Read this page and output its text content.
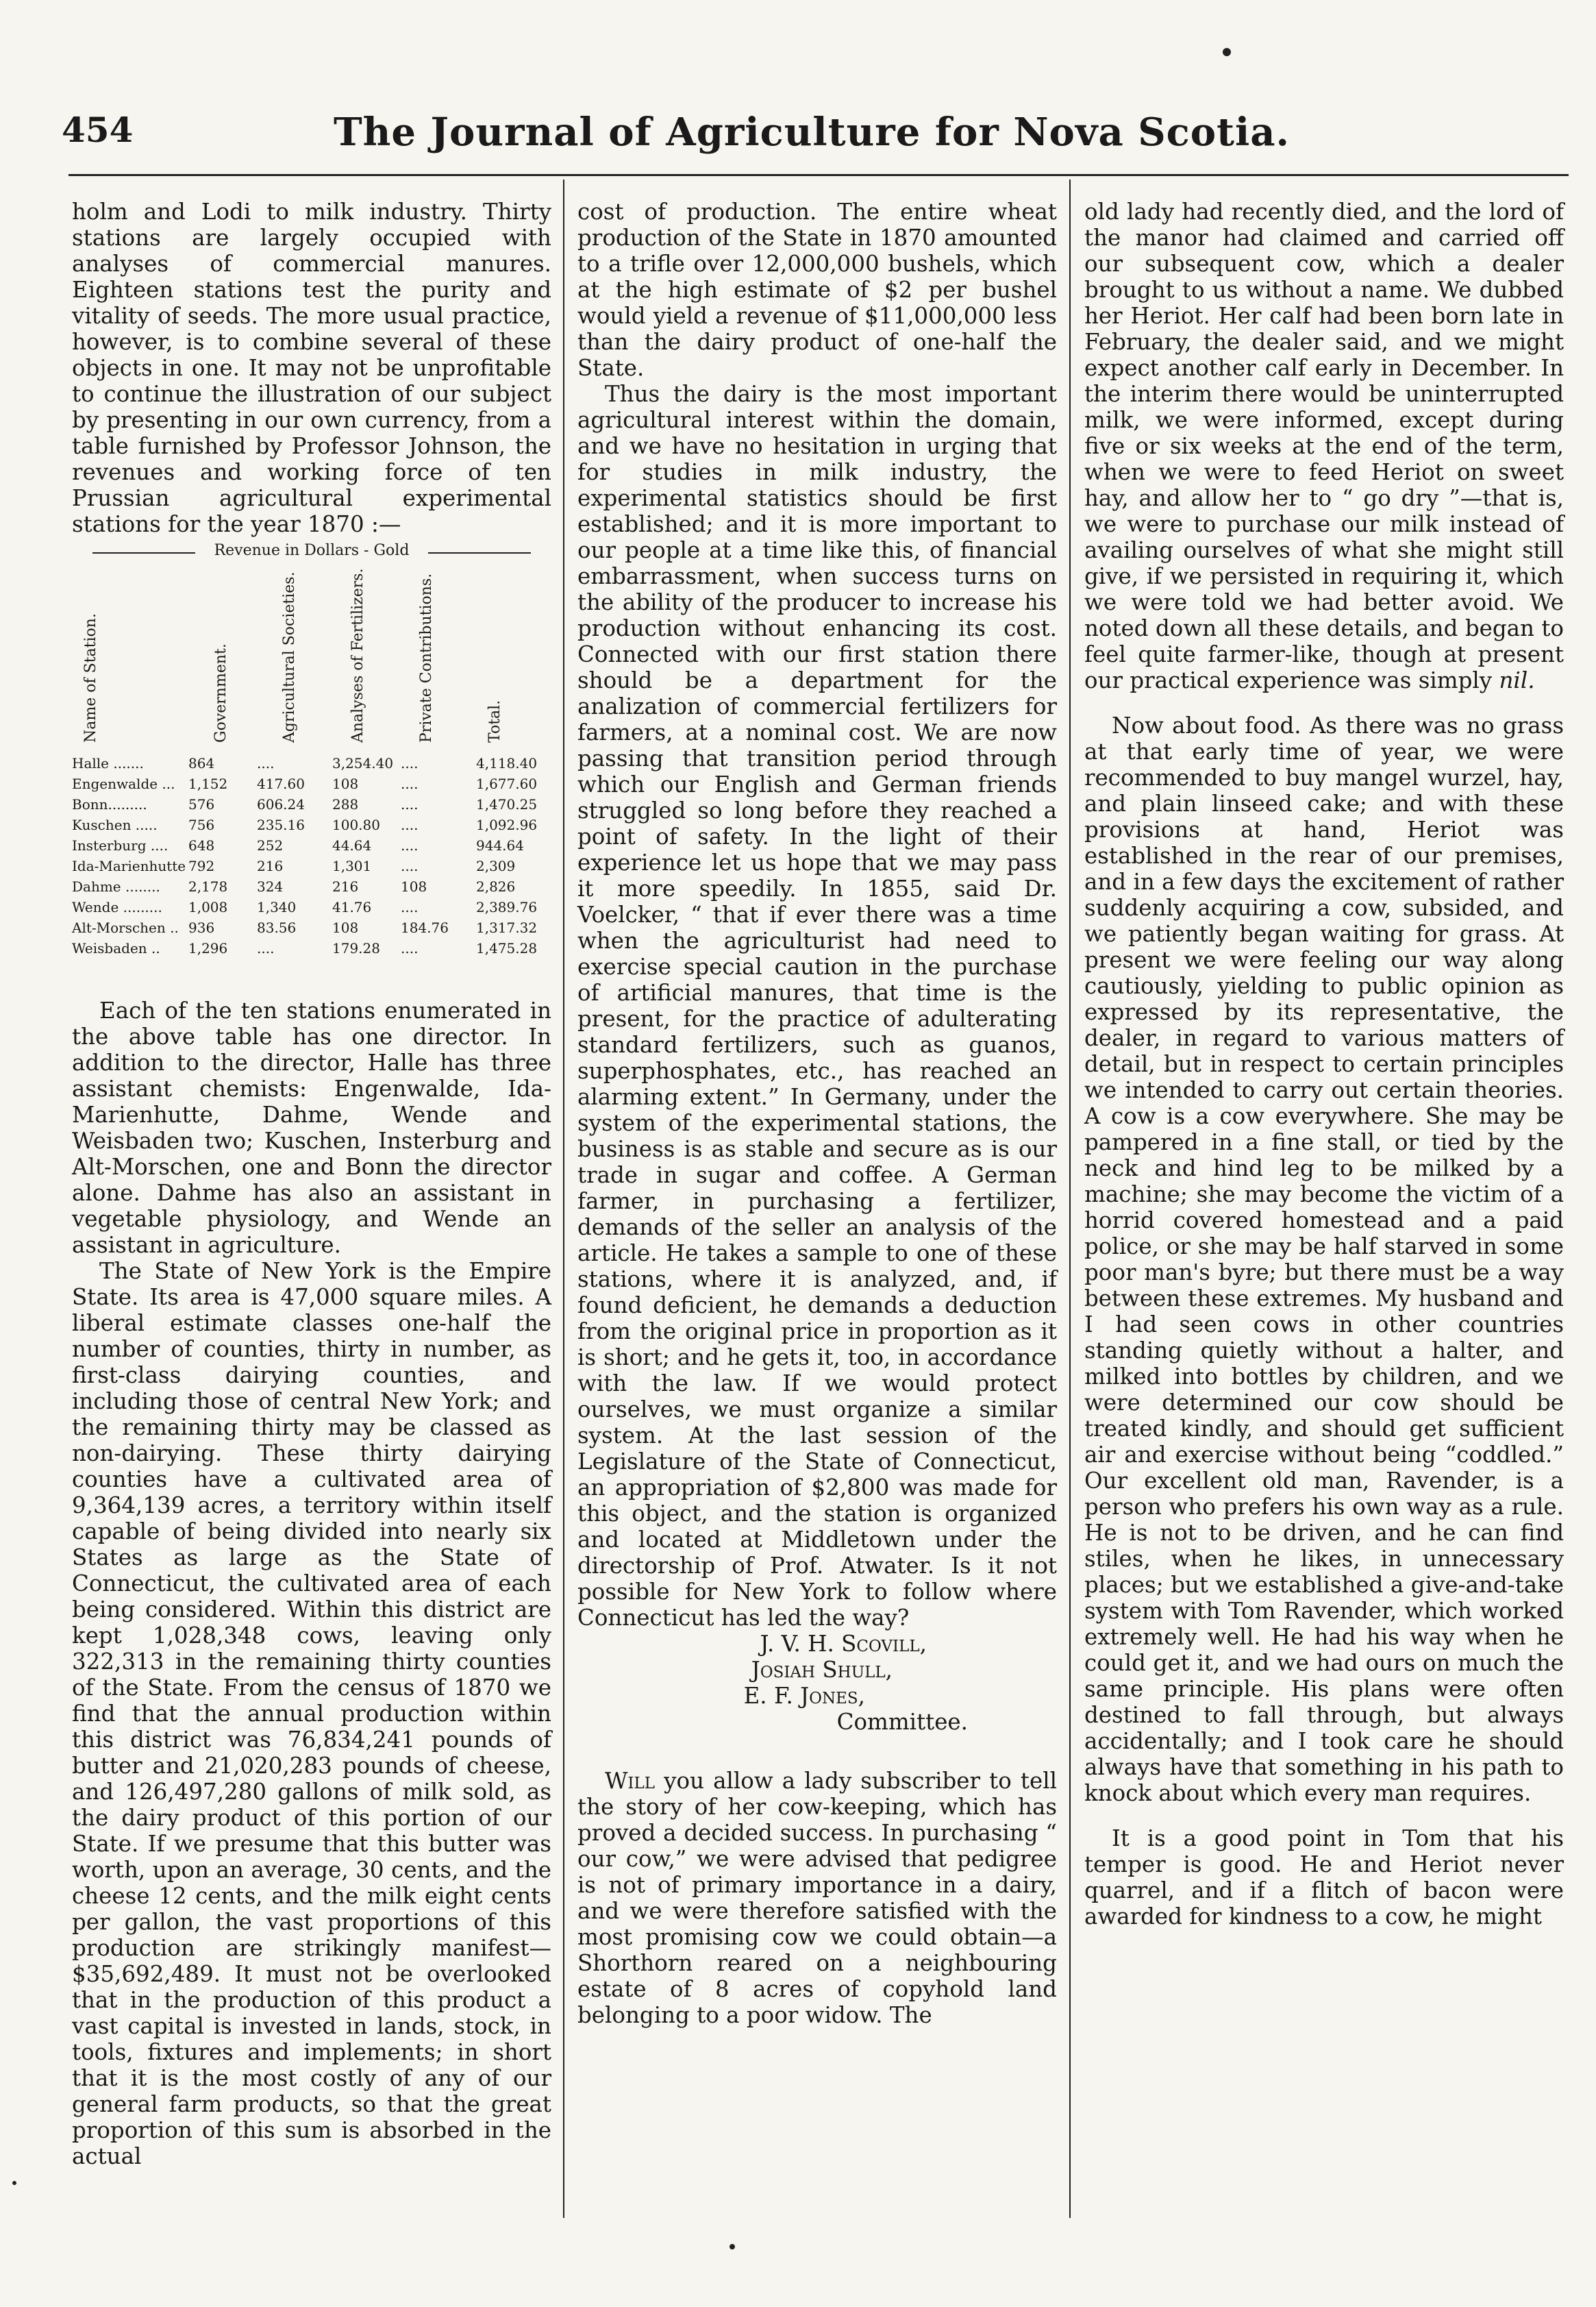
454	The Journal of Agriculture for Nova Scotia.

holm and Lodi to milk industry. Thirty stations are largely occupied with analyses of commercial manures. Eighteen stations test the purity and vitality of seeds. The more usual practice, however, is to combine several of these objects in one. It may not be unprofitable to continue the illustration of our subject by presenting in our own currency, from a table furnished by Professor Johnson, the revenues and working force of ten Prussian agricultural experimental stations for the year 1870 :—

Revenue in Dollars - Gold
Name of Station.	Government.	Agricultural Societies.	Analyses of Fertilizers.	Private Contributions.	Total.
Halle .......	864	....	3,254.40 ....	4,118.40
Engenwalde ... 1,152 417.60 108	....	1,677.60
Bonn.........	576	606.24 288	....	1,470.25
Kuschen ..... 756	235.16 100.80 ....	1,092.96
Insterburg .... 648	252	44.64 ....	944.64
Ida-Marienhutte 792	216	1,301 ....	2,309
Dahme ........ 2,178 324	216	108	2,826
Wende ......... 1,008 1,340	41.76 ....	2,389.76
Alt-Morschen .. 936	83.56	108	184.76 1,317.32
Weisbaden .. 1,296 ....	179.28 ....	1,475.28

Each of the ten stations enumerated in the above table has one director. In addition to the director, Halle has three assistant chemists: Engenwalde, Ida-Marienhutte, Dahme, Wende and Weisbaden two; Kuschen, Insterburg and Alt-Morschen, one and Bonn the director alone. Dahme has also an assistant in vegetable physiology, and Wende an assistant in agriculture.

The State of New York is the Empire State. Its area is 47,000 square miles. A liberal estimate classes one-half the number of counties, thirty in number, as first-class dairying counties, and including those of central New York; and the remaining thirty may be classed as non-dairying. These thirty dairying counties have a cultivated area of 9,364,139 acres, a territory within itself capable of being divided into nearly six States as large as the State of Connecticut, the cultivated area of each being considered. Within this district are kept 1,028,348 cows, leaving only 322,313 in the remaining thirty counties of the State. From the census of 1870 we find that the annual production within this district was 76,834,241 pounds of butter and 21,020,283 pounds of cheese, and 126,497,280 gallons of milk sold, as the dairy product of this portion of our State. If we presume that this butter was worth, upon an average, 30 cents, and the cheese 12 cents, and the milk eight cents per gallon, the vast proportions of this production are strikingly manifest—$35,692,489. It must not be overlooked that in the production of this product a vast capital is invested in lands, stock, in tools, fixtures and implements; in short that it is the most costly of any of our general farm products, so that the great proportion of this sum is absorbed in the actual

cost of production. The entire wheat production of the State in 1870 amounted to a trifle over 12,000,000 bushels, which at the high estimate of $2 per bushel would yield a revenue of $11,000,000 less than the dairy product of one-half the State.

Thus the dairy is the most important agricultural interest within the domain, and we have no hesitation in urging that for studies in milk industry, the experimental statistics should be first established; and it is more important to our people at a time like this, of financial embarrassment, when success turns on the ability of the producer to increase his production without enhancing its cost. Connected with our first station there should be a department for the analization of commercial fertilizers for farmers, at a nominal cost. We are now passing that transition period through which our English and German friends struggled so long before they reached a point of safety. In the light of their experience let us hope that we may pass it more speedily. In 1855, said Dr. Voelcker, “ that if ever there was a time when the agriculturist had need to exercise special caution in the purchase of artificial manures, that time is the present, for the practice of adulterating standard fertilizers, such as guanos, superphosphates, etc., has reached an alarming extent.” In Germany, under the system of the experimental stations, the business is as stable and secure as is our trade in sugar and coffee. A German farmer, in purchasing a fertilizer, demands of the seller an analysis of the article. He takes a sample to one of these stations, where it is analyzed, and, if found deficient, he demands a deduction from the original price in proportion as it is short; and he gets it, too, in accordance with the law. If we would protect ourselves, we must organize a similar system. At the last session of the Legislature of the State of Connecticut, an appropriation of $2,800 was made for this object, and the station is organized and located at Middletown under the directorship of Prof. Atwater. Is it not possible for New York to follow where Connecticut has led the way?

J. V. H. Scovill,
Josiah Shull,
E. F. Jones,
Committee.

Will you allow a lady subscriber to tell the story of her cow-keeping, which has proved a decided success. In purchasing “ our cow,” we were advised that pedigree is not of primary importance in a dairy, and we were therefore satisfied with the most promising cow we could obtain—a Shorthorn reared on a neighbouring estate of 8 acres of copyhold land belonging to a poor widow. The

old lady had recently died, and the lord of the manor had claimed and carried off our subsequent cow, which a dealer brought to us without a name. We dubbed her Heriot. Her calf had been born late in February, the dealer said, and we might expect another calf early in December. In the interim there would be uninterrupted milk, we were informed, except during five or six weeks at the end of the term, when we were to feed Heriot on sweet hay, and allow her to “ go dry ”—that is, we were to purchase our milk instead of availing ourselves of what she might still give, if we persisted in requiring it, which we were told we had better avoid. We noted down all these details, and began to feel quite farmer-like, though at present our practical experience was simply nil.

Now about food. As there was no grass at that early time of year, we were recommended to buy mangel wurzel, hay, and plain linseed cake; and with these provisions at hand, Heriot was established in the rear of our premises, and in a few days the excitement of rather suddenly acquiring a cow, subsided, and we patiently began waiting for grass. At present we were feeling our way along cautiously, yielding to public opinion as expressed by its representative, the dealer, in regard to various matters of detail, but in respect to certain principles we intended to carry out certain theories. A cow is a cow everywhere. She may be pampered in a fine stall, or tied by the neck and hind leg to be milked by a machine; she may become the victim of a horrid covered homestead and a paid police, or she may be half starved in some poor man's byre; but there must be a way between these extremes. My husband and I had seen cows in other countries standing quietly without a halter, and milked into bottles by children, and we were determined our cow should be treated kindly, and should get sufficient air and exercise without being “coddled.” Our excellent old man, Ravender, is a person who prefers his own way as a rule. He is not to be driven, and he can find stiles, when he likes, in unnecessary places; but we established a give-and-take system with Tom Ravender, which worked extremely well. He had his way when he could get it, and we had ours on much the same principle. His plans were often destined to fall through, but always accidentally; and I took care he should always have that something in his path to knock about which every man requires.

It is a good point in Tom that his temper is good. He and Heriot never quarrel, and if a flitch of bacon were awarded for kindness to a cow, he might
